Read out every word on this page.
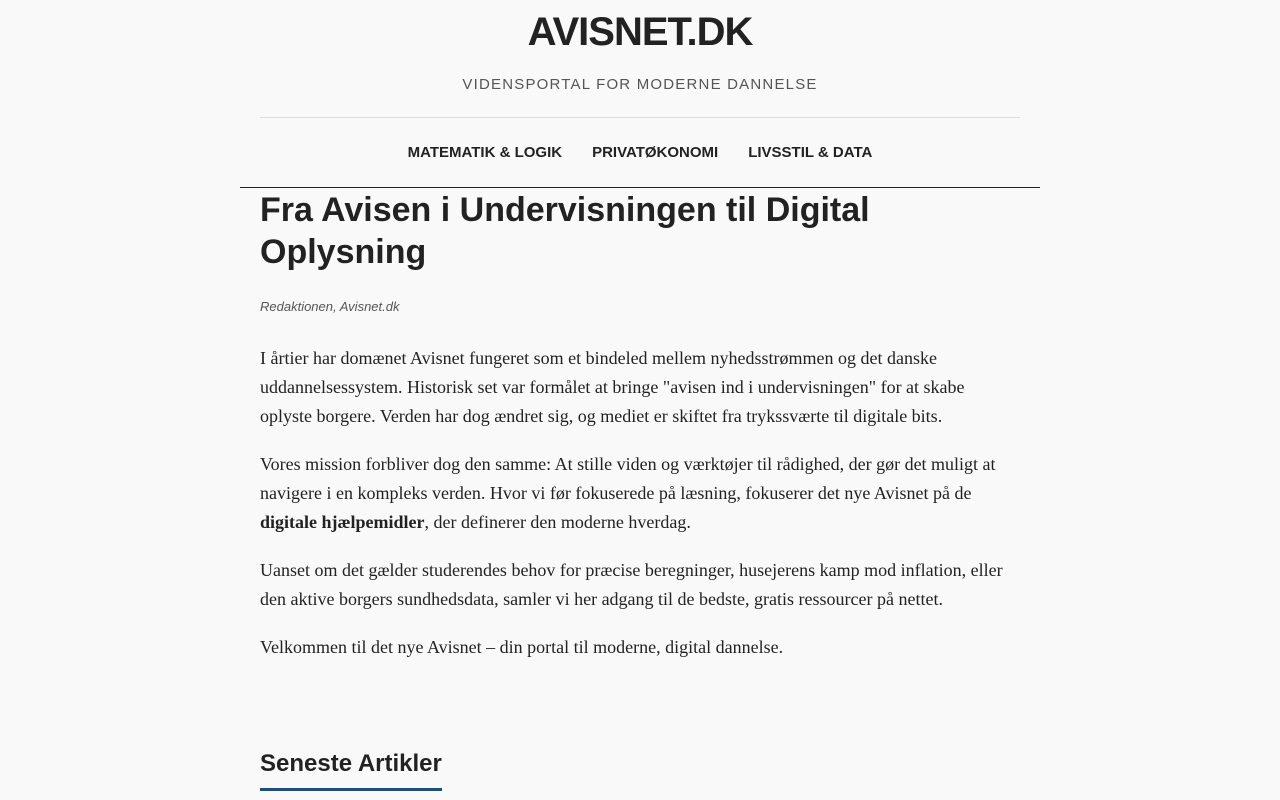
AVISNET.DK
VIDENSPORTAL FOR MODERNE DANNELSE
MATEMATIK & LOGIK PRIVATØKONOMI LIVSSTIL & DATA
Fra Avisen i Undervisningen til Digital Oplysning
Redaktionen, Avisnet.dk

I årtier har domænet Avisnet fungeret som et bindeled mellem nyhedsstrømmen og det danske uddannelsessystem. Historisk set var formålet at bringe "avisen ind i undervisningen" for at skabe oplyste borgere. Verden har dog ændret sig, og mediet er skiftet fra trykssværte til digitale bits.

Vores mission forbliver dog den samme: At stille viden og værktøjer til rådighed, der gør det muligt at navigere i en kompleks verden. Hvor vi før fokuserede på læsning, fokuserer det nye Avisnet på de digitale hjælpemidler, der definerer den moderne hverdag.

Uanset om det gælder studerendes behov for præcise beregninger, husejerens kamp mod inflation, eller den aktive borgers sundhedsdata, samler vi her adgang til de bedste, gratis ressourcer på nettet.

Velkommen til det nye Avisnet – din portal til moderne, digital dannelse.

Seneste Artikler
